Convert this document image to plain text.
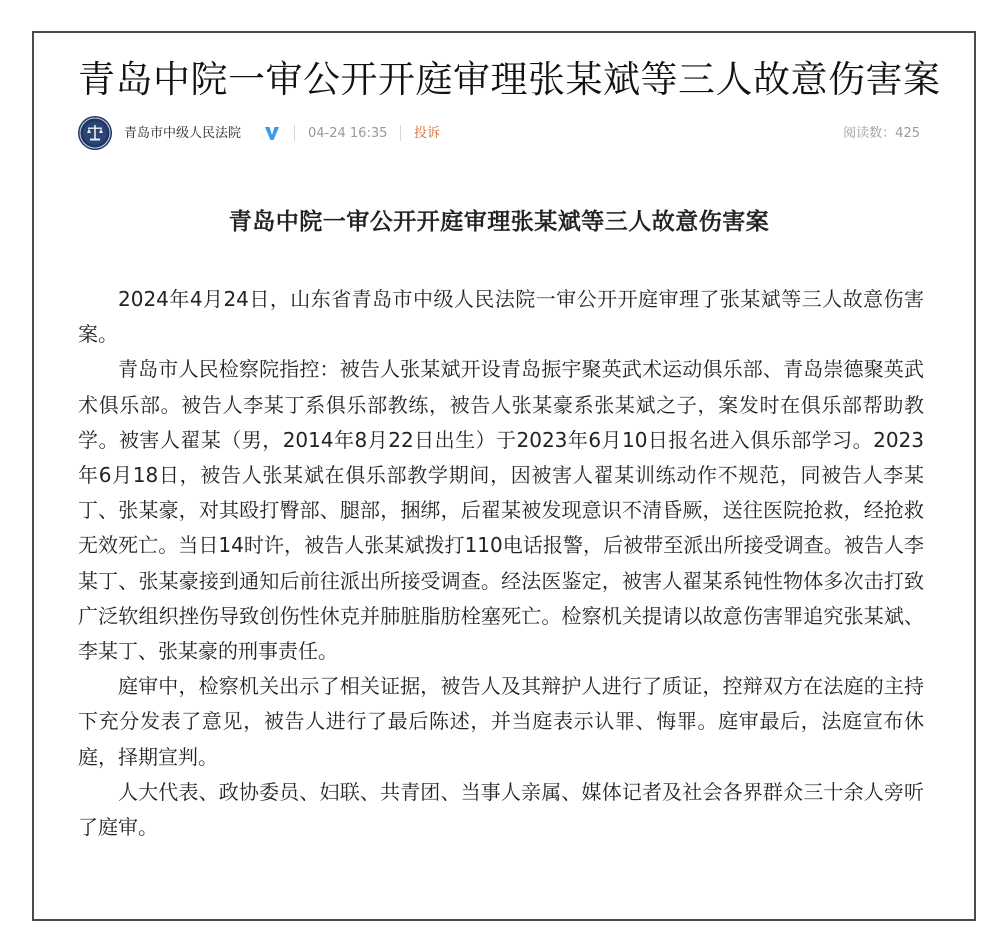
青岛中院一审公开开庭审理张某斌等三人故意伤害案
青岛市中级人民法院	04-24 16:35 投诉	阅读数：425
青岛中院一审公开开庭审理张某斌等三人故意伤害案

2024年4月24日，山东省青岛市中级人民法院一审公开开庭审理了张某斌等三人故意伤害案。

青岛市人民检察院指控：被告人张某斌开设青岛振宇聚英武术运动俱乐部、青岛崇德聚英武术俱乐部。被告人李某丁系俱乐部教练，被告人张某豪系张某斌之子，案发时在俱乐部帮助教学。被害人翟某（男，2014年8月22日出生）于2023年6月10日报名进入俱乐部学习。2023年6月18日，被告人张某斌在俱乐部教学期间，因被害人翟某训练动作不规范，同被告人李某丁、张某豪，对其殴打臀部、腿部，捆绑，后翟某被发现意识不清昏厥，送往医院抢救，经抢救无效死亡。当日14时许，被告人张某斌拨打110电话报警，后被带至派出所接受调查。被告人李某丁、张某豪接到通知后前往派出所接受调查。经法医鉴定，被害人翟某系钝性物体多次击打致广泛软组织挫伤导致创伤性休克并肺脏脂肪栓塞死亡。检察机关提请以故意伤害罪追究张某斌、李某丁、张某豪的刑事责任。

庭审中，检察机关出示了相关证据，被告人及其辩护人进行了质证，控辩双方在法庭的主持下充分发表了意见，被告人进行了最后陈述，并当庭表示认罪、悔罪。庭审最后，法庭宣布休庭，择期宣判。

人大代表、政协委员、妇联、共青团、当事人亲属、媒体记者及社会各界群众三十余人旁听了庭审。
